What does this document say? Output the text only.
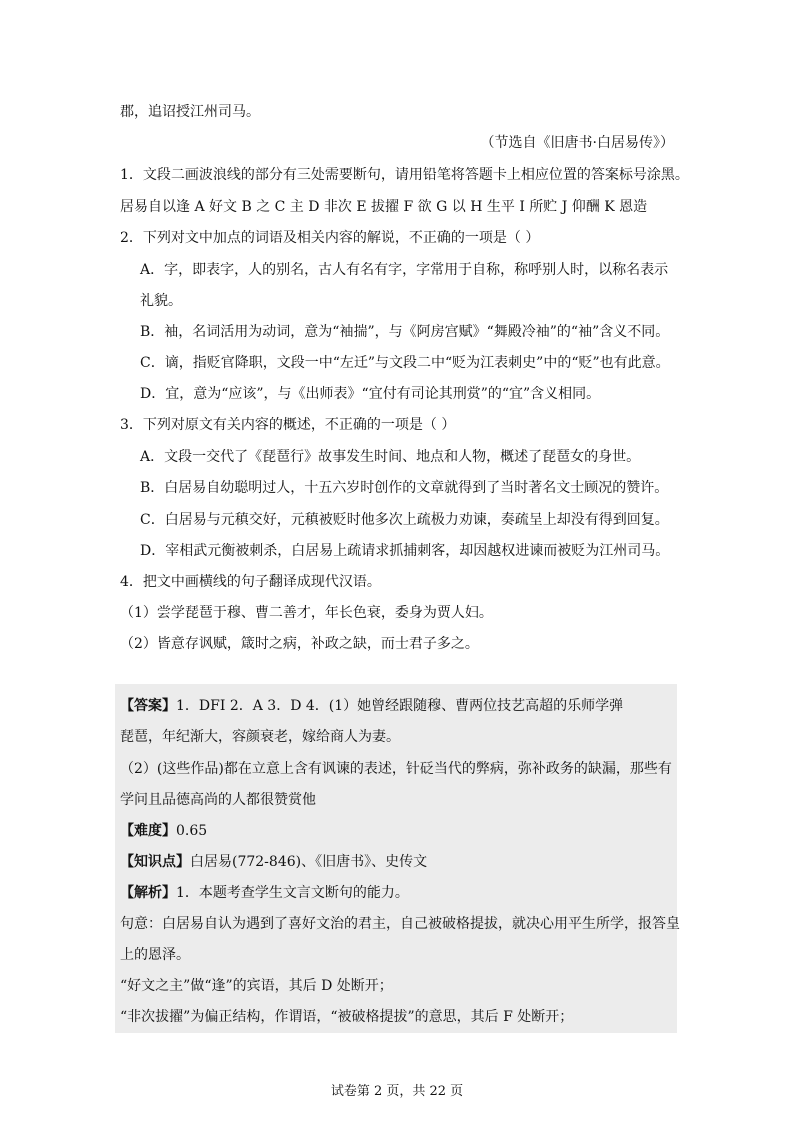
郡，追诏授江州司马。
（节选自《旧唐书·白居易传》）
1．文段二画波浪线的部分有三处需要断句，请用铅笔将答题卡上相应位置的答案标号涂黑。
居易自以逢 A 好文 B 之 C 主 D 非次 E 拔擢 F 欲 G 以 H 生平 I 所贮 J 仰酬 K 恩造
2．下列对文中加点的词语及相关内容的解说，不正确的一项是（ ）
A．字，即表字，人的别名，古人有名有字，字常用于自称，称呼别人时，以称名表示
礼貌。
B．袖，名词活用为动词，意为“袖揣”，与《阿房宫赋》“舞殿冷袖”的“袖”含义不同。
C．谪，指贬官降职，文段一中“左迁”与文段二中“贬为江表刺史”中的“贬”也有此意。
D．宜，意为“应该”，与《出师表》“宜付有司论其刑赏”的“宜”含义相同。
3．下列对原文有关内容的概述，不正确的一项是（ ）
A．文段一交代了《琵琶行》故事发生时间、地点和人物，概述了琵琶女的身世。
B．白居易自幼聪明过人，十五六岁时创作的文章就得到了当时著名文士顾况的赞许。
C．白居易与元稹交好，元稹被贬时他多次上疏极力劝谏，奏疏呈上却没有得到回复。
D．宰相武元衡被刺杀，白居易上疏请求抓捕刺客，却因越权进谏而被贬为江州司马。
4．把文中画横线的句子翻译成现代汉语。
（1）尝学琵琶于穆、曹二善才，年长色衰，委身为贾人妇。
（2）皆意存讽赋，箴时之病，补政之缺，而士君子多之。
【答案】1．DFI 2．A 3．D 4．(1）她曾经跟随穆、曹两位技艺高超的乐师学弹
琵琶，年纪渐大，容颜衰老，嫁给商人为妻。
（2）(这些作品)都在立意上含有讽谏的表述，针砭当代的弊病，弥补政务的缺漏，那些有
学问且品德高尚的人都很赞赏他
【难度】0.65
【知识点】白居易(772-846)、《旧唐书》、史传文
【解析】1．本题考查学生文言文断句的能力。
句意：白居易自认为遇到了喜好文治的君主，自己被破格提拔，就决心用平生所学，报答皇
上的恩泽。
“好文之主”做“逢”的宾语，其后 D 处断开；
“非次拔擢”为偏正结构，作谓语，“被破格提拔”的意思，其后 F 处断开；
试卷第 2 页，共 22 页
